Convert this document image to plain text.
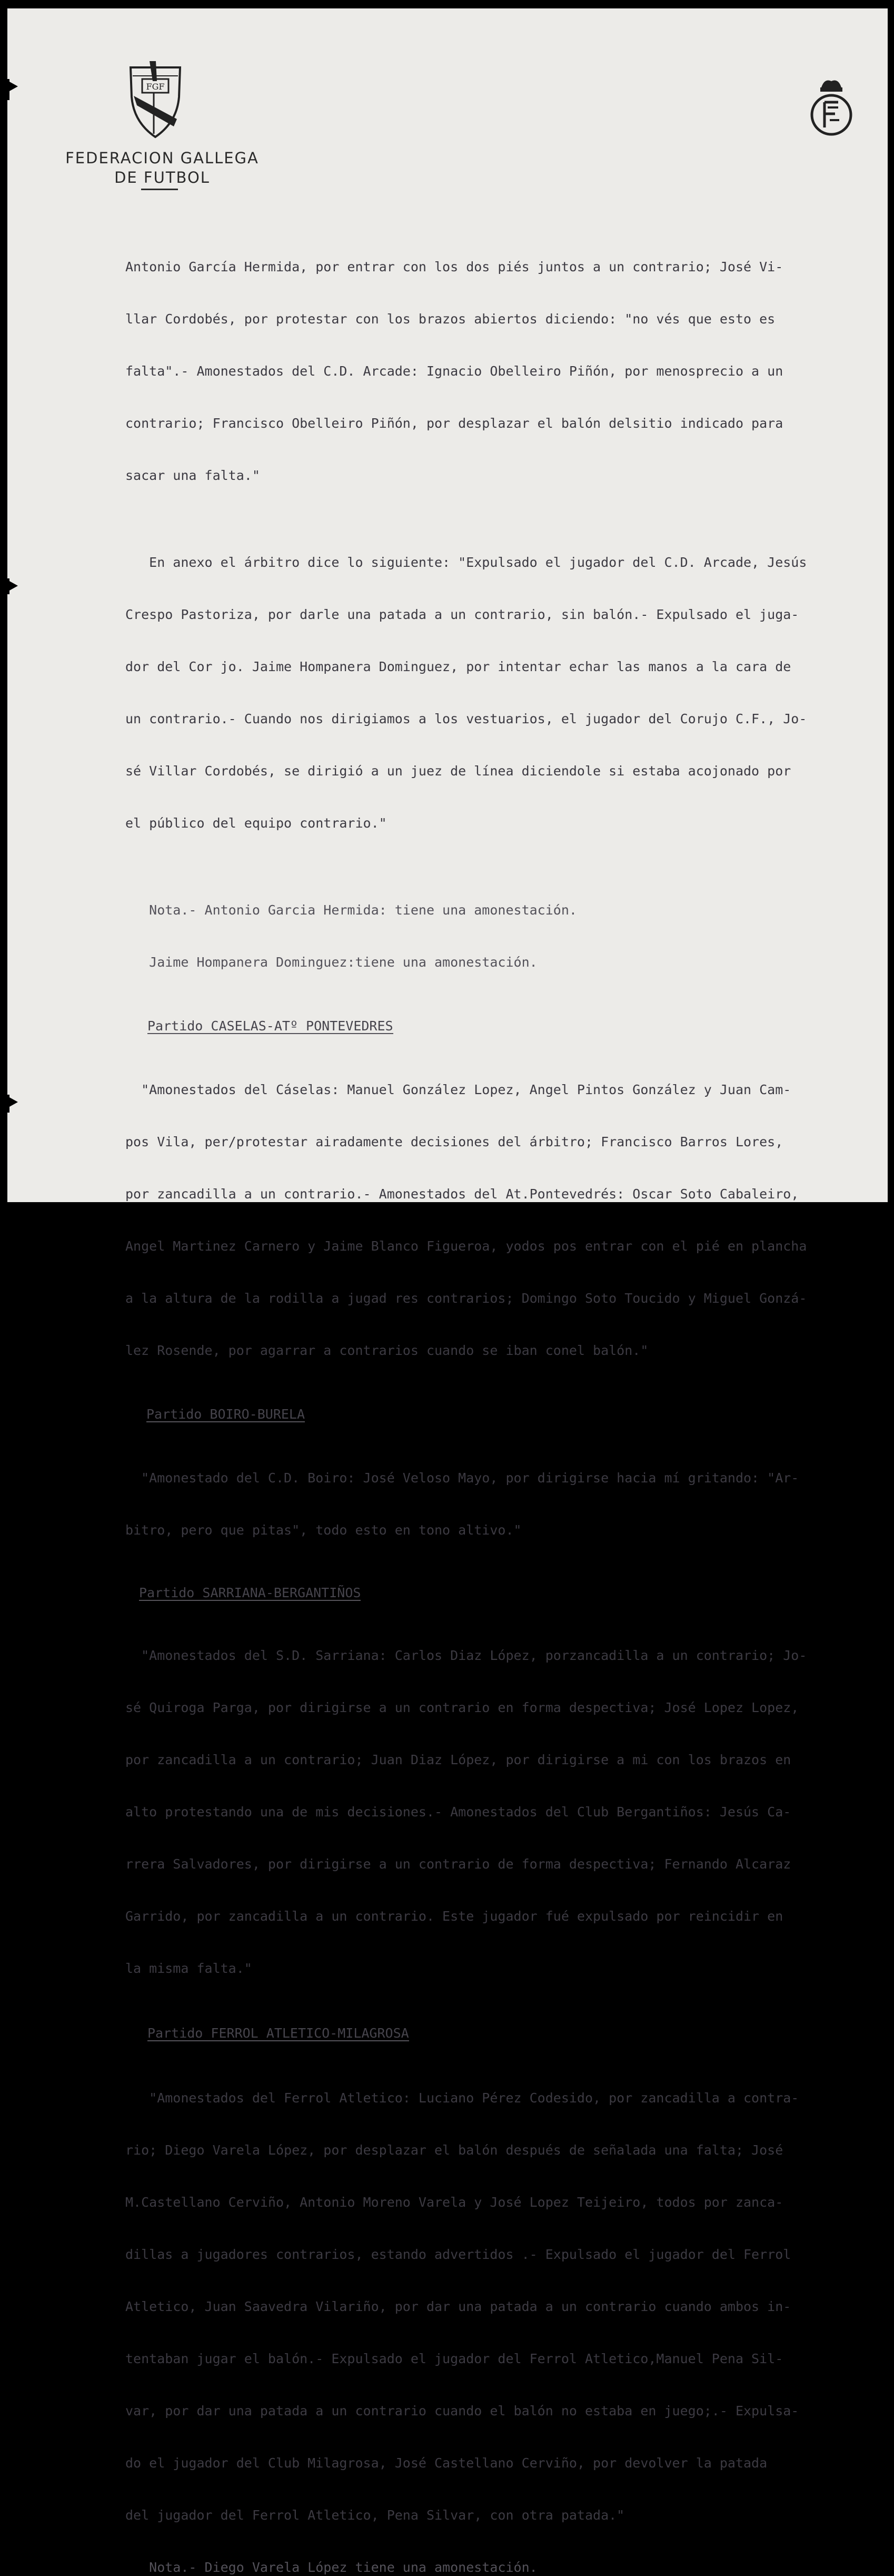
FGF
FEDERACION GALLEGA
DE FUTBOL

Antonio García Hermida, por entrar con los dos piés juntos a un contrario; José Vi-

llar Cordobés, por protestar con los brazos abiertos diciendo: "no vés que esto es

falta".- Amonestados del C.D. Arcade: Ignacio Obelleiro Piñón, por menosprecio a un

contrario; Francisco Obelleiro Piñón, por desplazar el balón delsitio indicado para

sacar una falta."

En anexo el árbitro dice lo siguiente: "Expulsado el jugador del C.D. Arcade, Jesús

Crespo Pastoriza, por darle una patada a un contrario, sin balón.- Expulsado el juga-

dor del Cor jo. Jaime Hompanera Dominguez, por intentar echar las manos a la cara de

un contrario.- Cuando nos dirigiamos a los vestuarios, el jugador del Corujo C.F., Jo-

sé Villar Cordobés, se dirigió a un juez de línea diciendole si estaba acojonado por

el público del equipo contrario."

Nota.- Antonio Garcia Hermida: tiene una amonestación.

Jaime Hompanera Dominguez:tiene una amonestación.

Partido CASELAS-ATº PONTEVEDRES

"Amonestados del Cáselas: Manuel González Lopez, Angel Pintos González y Juan Cam-

pos Vila, per/protestar airadamente decisiones del árbitro; Francisco Barros Lores,

por zancadilla a un contrario.- Amonestados del At.Pontevedrés: Oscar Soto Cabaleiro,

Angel Martinez Carnero y Jaime Blanco Figueroa, yodos pos entrar con el pié en plancha

a la altura de la rodilla a jugad res contrarios; Domingo Soto Toucido y Miguel Gonzá-

lez Rosende, por agarrar a contrarios cuando se iban conel balón."

Partido BOIRO-BURELA

"Amonestado del C.D. Boiro: José Veloso Mayo, por dirigirse hacia mí gritando: "Ar-

bitro, pero que pitas", todo esto en tono altivo."

Partido SARRIANA-BERGANTIÑOS

"Amonestados del S.D. Sarriana: Carlos Diaz López, porzancadilla a un contrario; Jo-

sé Quiroga Parga, por dirigirse a un contrario en forma despectiva; José Lopez Lopez,

por zancadilla a un contrario; Juan Diaz López, por dirigirse a mi con los brazos en

alto protestando una de mis decisiones.- Amonestados del Club Bergantiños: Jesús Ca-

rrera Salvadores, por dirigirse a un contrario de forma despectiva; Fernando Alcaraz

Garrido, por zancadilla a un contrario. Este jugador fué expulsado por reincidir en

la misma falta."

Partido FERROL ATLETICO-MILAGROSA

"Amonestados del Ferrol Atletico: Luciano Pérez Codesido, por zancadilla a contra-

rio; Diego Varela López, por desplazar el balón después de señalada una falta; José

M.Castellano Cerviño, Antonio Moreno Varela y José Lopez Teijeiro, todos por zanca-

dillas a jugadores contrarios, estando advertidos .- Expulsado el jugador del Ferrol

Atletico, Juan Saavedra Vilariño, por dar una patada a un contrario cuando ambos in-

tentaban jugar el balón.- Expulsado el jugador del Ferrol Atletico,Manuel Pena Sil-

var, por dar una patada a un contrario cuando el balón no estaba en juego;.- Expulsa-

do el jugador del Club Milagrosa, José Castellano Cerviño, por devolver la patada

del jugador del Ferrol Atletico, Pena Silvar, con otra patada."

Nota.- Diego Varela López tiene una amonestación.
